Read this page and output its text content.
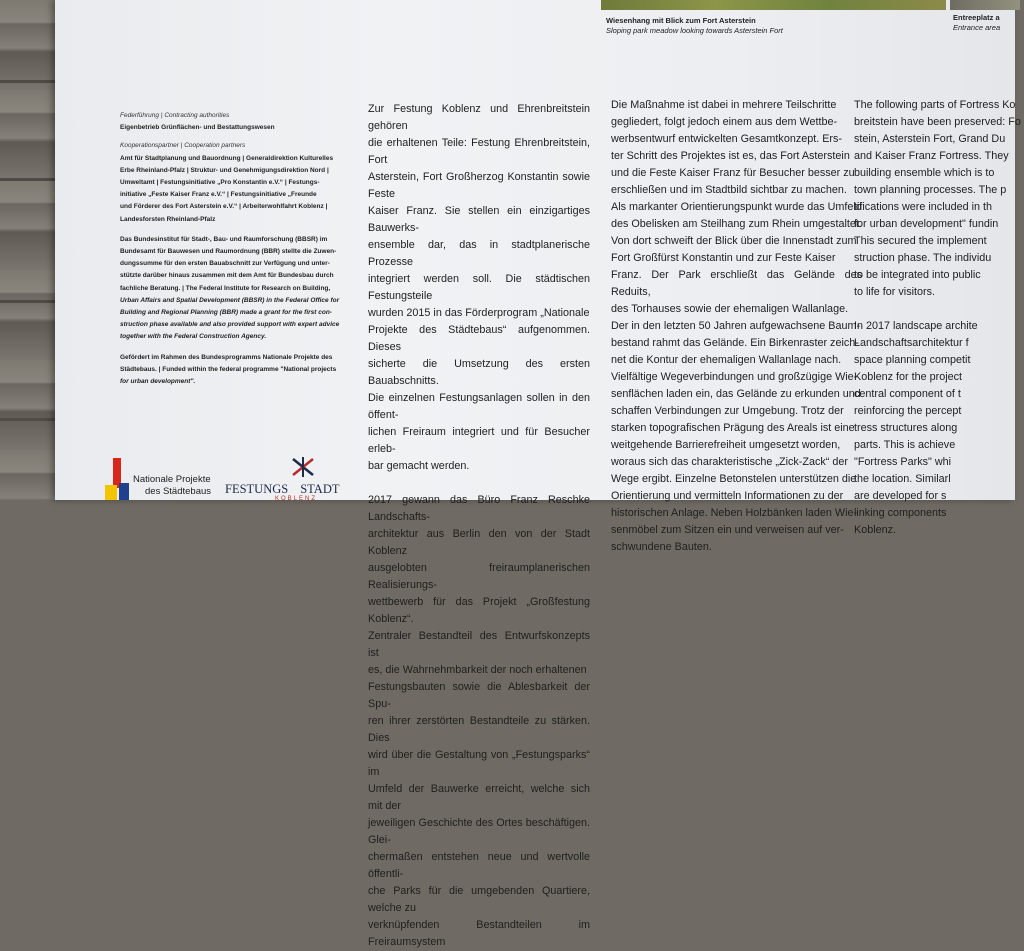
Wiesenhang mit Blick zum Fort Asterstein
Sloping park meadow looking towards Asterstein Fort
Entreeplatz a
Entrance area

Federführung | Contracting authorities

Eigenbetrieb Grünflächen- und Bestattungswesen

Kooperationspartner | Cooperation partners

Amt für Stadtplanung und Bauordnung | Generaldirektion Kulturelles

Erbe Rheinland-Pfalz | Struktur- und Genehmigungsdirektion Nord |

Umweltamt | Festungsinitiative „Pro Konstantin e.V.“ | Festungs-

initiative „Feste Kaiser Franz e.V.“ | Festungsinitiative „Freunde

und Förderer des Fort Asterstein e.V.“ | Arbeiterwohlfahrt Koblenz |

Landesforsten Rheinland-Pfalz

Das Bundesinstitut für Stadt-, Bau- und Raumforschung (BBSR) im

Bundesamt für Bauwesen und Raumordnung (BBR) stellte die Zuwen-

dungssumme für den ersten Bauabschnitt zur Verfügung und unter-

stützte darüber hinaus zusammen mit dem Amt für Bundesbau durch

fachliche Beratung. | The Federal Institute for Research on Building,

Urban Affairs and Spatial Development (BBSR) in the Federal Office for

Building and Regional Planning (BBR) made a grant for the first con-

struction phase available and also provided support with expert advice

together with the Federal Construction Agency.

Gefördert im Rahmen des Bundesprogramms Nationale Projekte des

Städtebaus. | Funded within the federal programme "National projects

for urban development".

Zur Festung Koblenz und Ehrenbreitstein gehören

die erhaltenen Teile: Festung Ehrenbreitstein, Fort

Asterstein, Fort Großherzog Konstantin sowie Feste

Kaiser Franz. Sie stellen ein einzigartiges Bauwerks-

ensemble dar, das in stadtplanerische Prozesse

integriert werden soll. Die städtischen Festungsteile

wurden 2015 in das Förderprogram „Nationale

Projekte des Städtebaus“ aufgenommen. Dieses

sicherte die Umsetzung des ersten Bauabschnitts.

Die einzelnen Festungsanlagen sollen in den öffent-

lichen Freiraum integriert und für Besucher erleb-

bar gemacht werden.

2017 gewann das Büro Franz Reschke Landschafts-

architektur aus Berlin den von der Stadt Koblenz

ausgelobten freiraumplanerischen Realisierungs-

wettbewerb für das Projekt „Großfestung Koblenz“.

Zentraler Bestandteil des Entwurfskonzepts ist

es, die Wahrnehmbarkeit der noch erhaltenen

Festungsbauten sowie die Ablesbarkeit der Spu-

ren ihrer zerstörten Bestandteile zu stärken. Dies

wird über die Gestaltung von „Festungsparks“ im

Umfeld der Bauwerke erreicht, welche sich mit der

jeweiligen Geschichte des Ortes beschäftigen. Glei-

chermaßen entstehen neue und wertvolle öffentli-

che Parks für die umgebenden Quartiere, welche zu

verknüpfenden Bestandteilen im Freiraumsystem

Die Maßnahme ist dabei in mehrere Teilschritte

gegliedert, folgt jedoch einem aus dem Wettbe-

werbsentwurf entwickelten Gesamtkonzept. Ers-

ter Schritt des Projektes ist es, das Fort Asterstein

und die Feste Kaiser Franz für Besucher besser zu

erschließen und im Stadtbild sichtbar zu machen.

Als markanter Orientierungspunkt wurde das Umfeld

des Obelisken am Steilhang zum Rhein umgestaltet.

Von dort schweift der Blick über die Innenstadt zum

Fort Großfürst Konstantin und zur Feste Kaiser

Franz. Der Park erschließt das Gelände des Reduits,

des Torhauses sowie der ehemaligen Wallanlage.

Der in den letzten 50 Jahren aufgewachsene Baum-

bestand rahmt das Gelände. Ein Birkenraster zeich-

net die Kontur der ehemaligen Wallanlage nach.

Vielfältige Wegeverbindungen und großzügige Wie-

senflächen laden ein, das Gelände zu erkunden und

schaffen Verbindungen zur Umgebung. Trotz der

starken topografischen Prägung des Areals ist eine

weitgehende Barrierefreiheit umgesetzt worden,

woraus sich das charakteristische „Zick-Zack“ der

Wege ergibt. Einzelne Betonstelen unterstützen die

Orientierung und vermitteln Informationen zu der

historischen Anlage. Neben Holzbänken laden Wie-

senmöbel zum Sitzen ein und verweisen auf ver-

schwundene Bauten.

The following parts of Fortress Ko

breitstein have been preserved: Fo

stein, Asterstein Fort, Grand Du

and Kaiser Franz Fortress. They

building ensemble which is to

town planning processes. The p

tifications were included in th

for urban development" fundin

This secured the implement

struction phase. The individu

to be integrated into public

to life for visitors.

In 2017 landscape archite

Landschaftsarchitektur f

space planning competit

Koblenz for the project

central component of t

reinforcing the percept

tress structures along

parts. This is achieve

"Fortress Parks" whi

the location. Similarl

are developed for s

linking components

Koblenz.

Nationale Projekte
des Städtebaus FESTUNGS STADT
KOBLENZ
